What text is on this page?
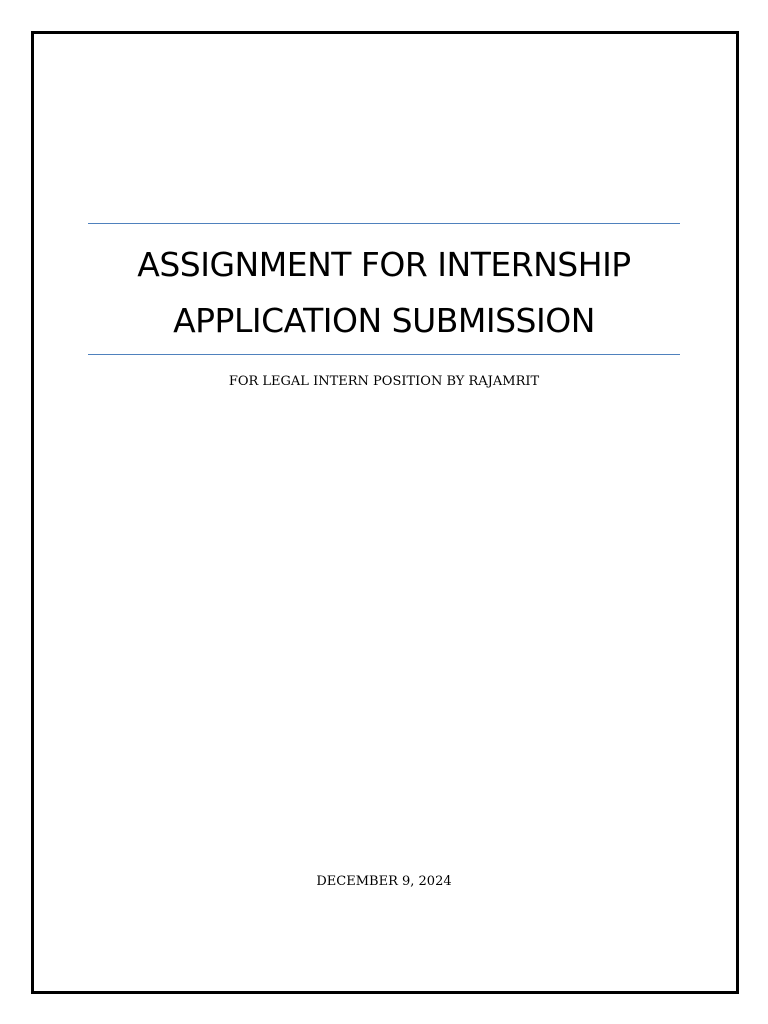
ASSIGNMENT FOR INTERNSHIP
APPLICATION SUBMISSION

FOR LEGAL INTERN POSITION BY RAJAMRIT

DECEMBER 9, 2024
